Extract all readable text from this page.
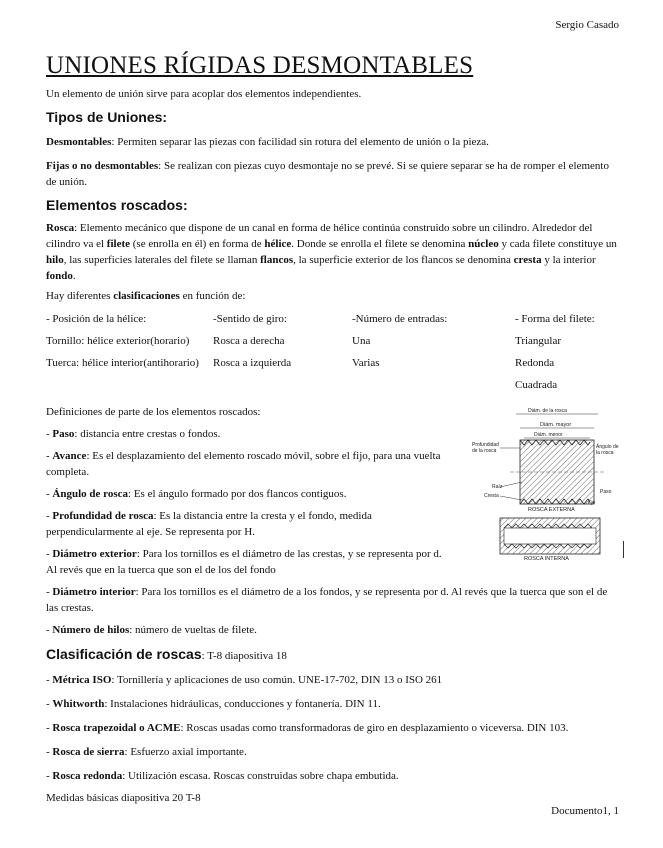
Sergio Casado
UNIONES RÍGIDAS DESMONTABLES

Un elemento de unión sirve para acoplar dos elementos independientes.

Tipos de Uniones:

Desmontables: Permiten separar las piezas con facilidad sin rotura del elemento de unión o la pieza.

Fijas o no desmontables: Se realizan con piezas cuyo desmontaje no se prevé. Si se quiere separar se ha de romper el elemento de unión.

Elementos roscados:

Rosca: Elemento mecánico que dispone de un canal en forma de hélice continúa construido sobre un cilindro. Alrededor del cilindro va el filete (se enrolla en él) en forma de hélice. Donde se enrolla el filete se denomina núcleo y cada filete constituye un hilo, las superficies laterales del filete se llaman flancos, la superficie exterior de los flancos se denomina cresta y la interior fondo.

Hay diferentes clasificaciones en función de:

- Posición de la hélice:	-Sentido de giro:	-Número de entradas:	- Forma del filete:
Tornillo: hélice exterior(horario)	Rosca a derecha	Una	Triangular
Tuerca: hélice interior(antihorario)	Rosca a izquierda	Varias	Redonda
			Cuadrada

Definiciones de parte de los elementos roscados:

- Paso: distancia entre crestas o fondos.

- Avance: Es el desplazamiento del elemento roscado móvil, sobre el fijo, para una vuelta completa.

- Ángulo de rosca: Es el ángulo formado por dos flancos contiguos.

- Profundidad de rosca: Es la distancia entre la cresta y el fondo, medida perpendicularmente al eje. Se representa por H.

- Diámetro exterior: Para los tornillos es el diámetro de las crestas, y se representa por d. Al revés que en la tuerca que son el de los del fondo

- Diámetro interior: Para los tornillos es el diámetro de a los fondos, y se representa por d. Al revés que la tuerca que son el de las crestas.

- Número de hilos: número de vueltas de filete.

Clasificación de roscas: T-8 diapositiva 18

- Métrica ISO: Tornillería y aplicaciones de uso común. UNE-17-702, DIN 13 o ISO 261

- Whitworth: Instalaciones hidráulicas, conducciones y fontanería. DIN 11.

- Rosca trapezoidal o ACME: Roscas usadas como transformadoras de giro en desplazamiento o viceversa. DIN 103.

- Rosca de sierra: Esfuerzo axial importante.

- Rosca redonda: Utilización escasa. Roscas construidas sobre chapa embutida.

Medidas básicas diapositiva 20 T-8

Diám. de la rosca
Diám. mayor
Diám. menor
Profundidad
de la rosca
Ángulo de
la rosca
Raíz
Cresta
Paso
Eje
ROSCA EXTERNA
ROSCA INTERNA
Documento1, 1
